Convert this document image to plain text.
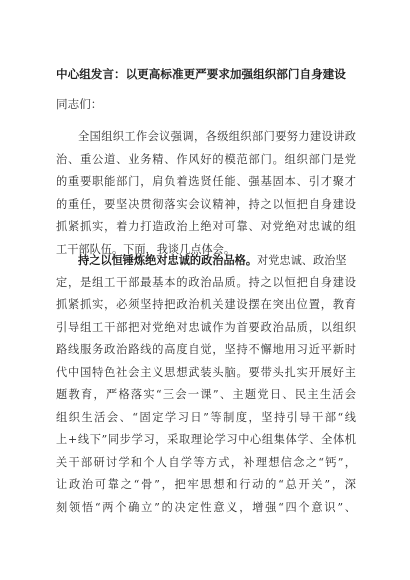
中心组发言：以更高标准更严要求加强组织部门自身建设
同志们：
全国组织工作会议强调，各级组织部门要努力建设讲政
治、重公道、业务精、作风好的模范部门。组织部门是党
的重要职能部门，肩负着选贤任能、强基固本、引才聚才
的重任，要坚决贯彻落实会议精神，持之以恒把自身建设
抓紧抓实，着力打造政治上绝对可靠、对党绝对忠诚的组
工干部队伍。下面，我谈几点体会。
持之以恒锤炼绝对忠诚的政治品格。对党忠诚、政治坚
定，是组工干部最基本的政治品质。持之以恒把自身建设
抓紧抓实，必须坚持把政治机关建设摆在突出位置，教育
引导组工干部把对党绝对忠诚作为首要政治品质，以组织
路线服务政治路线的高度自觉，坚持不懈地用习近平新时
代中国特色社会主义思想武装头脑。要带头扎实开展好主
题教育，严格落实“三会一课”、主题党日、民主生活会
组织生活会、“固定学习日”等制度，坚持引导干部“线
上+线下”同步学习，采取理论学习中心组集体学、全体机
关干部研讨学和个人自学等方式，补理想信念之“钙”，
让政治可靠之“骨”，把牢思想和行动的“总开关”，深
刻领悟“两个确立”的决定性意义，增强“四个意识”、
